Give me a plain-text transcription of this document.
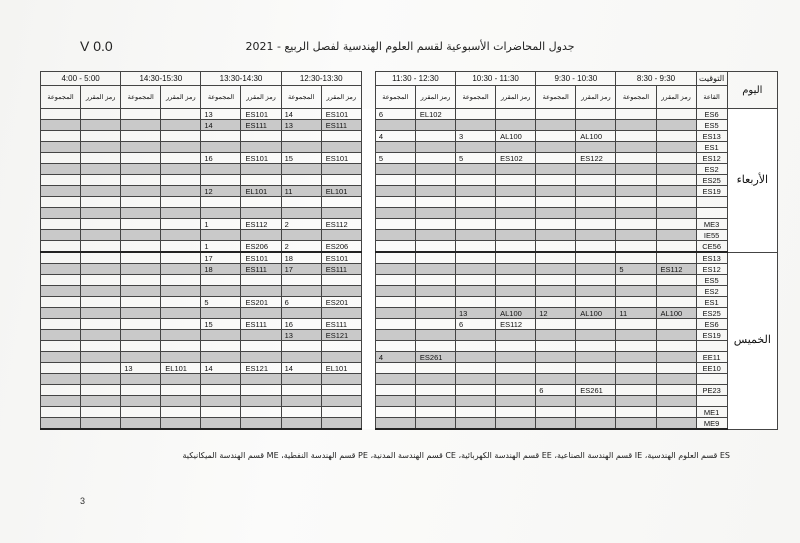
V 0.0	جدول المحاضرات الأسبوعية لقسم العلوم الهندسية لفصل الربيع - 2021
4:00 - 5:00		14:30-15:30		13:30-14:30		12:30-13:30			11:30 - 12:30		10:30 - 11:30		9:30 - 10:30		8:30 - 9:30		التوقيت	اليوم
المجموعة	رمز المقرر	المجموعة	رمز المقرر	المجموعة	رمز المقرر	المجموعة	رمز المقرر		المجموعة	رمز المقرر	المجموعة	رمز المقرر	المجموعة	رمز المقرر	المجموعة	رمز المقرر	القاعة	
				13	ES101	14	ES101		6	EL102							ES6	الأربعاء
				14	ES111	13	ES111										ES5	
									4		3	AL100		AL100			ES13	
																	ES1	
				16	ES101	15	ES101		5		5	ES102		ES122			ES12	
																	ES2	
																	ES25	
				12	EL101	11	EL101										ES19	

				1	ES112	2	ES112										ME3	
																	IE55	
				1	ES206	2	ES206										CE56	
				17	ES101	18	ES101										ES13	الخميس
				18	ES111	17	ES111								5	ES112	ES12	
																	ES5	
																	ES2	
				5	ES201	6	ES201										ES1	
											13	AL100	12	AL100	11	AL100	ES25	
				15	ES111	16	ES111				6	ES112					ES6	
						13	ES121										ES19	

									4	ES261							EE11	
		13	EL101	14	ES121	14	EL101										EE10	

													6	ES261			PE23	

																	ME1	
																	ME9	
ES قسم العلوم الهندسية، IE قسم الهندسة الصناعية، EE قسم الهندسة الكهربائية، CE قسم الهندسة المدنية، PE قسم الهندسة النفطية، ME قسم الهندسة الميكانيكية
3
